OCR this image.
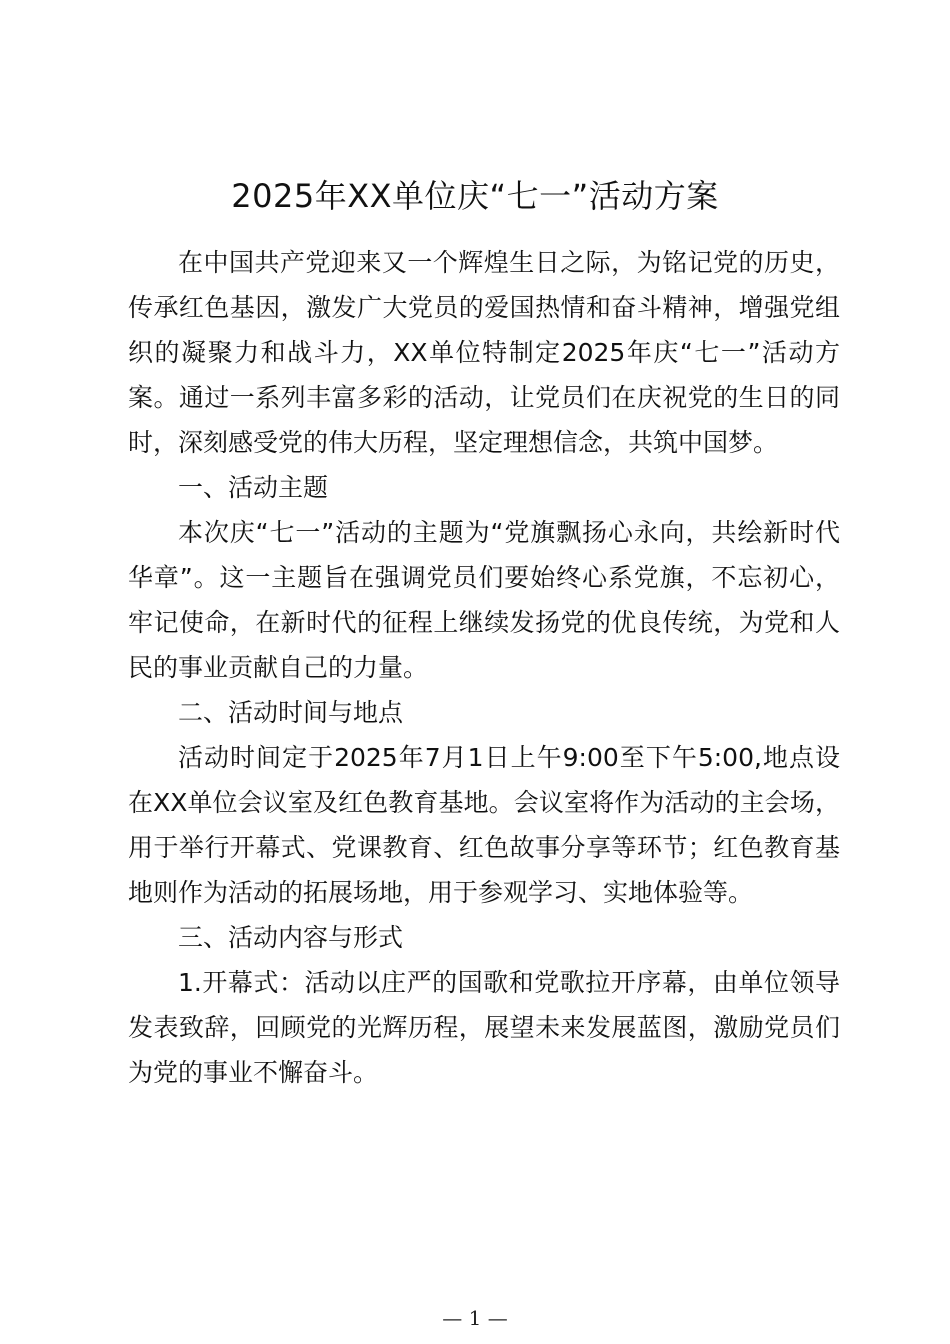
2025年XX单位庆“七一”活动方案

在中国共产党迎来又一个辉煌生日之际，为铭记党的历史，传承红色基因，激发广大党员的爱国热情和奋斗精神，增强党组织的凝聚力和战斗力，XX单位特制定2025年庆“七一”活动方案。通过一系列丰富多彩的活动，让党员们在庆祝党的生日的同时，深刻感受党的伟大历程，坚定理想信念，共筑中国梦。

一、活动主题

本次庆“七一”活动的主题为“党旗飘扬心永向，共绘新时代华章”。这一主题旨在强调党员们要始终心系党旗，不忘初心，牢记使命，在新时代的征程上继续发扬党的优良传统，为党和人民的事业贡献自己的力量。

二、活动时间与地点

活动时间定于2025年7月1日上午9:00至下午5:00,地点设在XX单位会议室及红色教育基地。会议室将作为活动的主会场，用于举行开幕式、党课教育、红色故事分享等环节；红色教育基地则作为活动的拓展场地，用于参观学习、实地体验等。

三、活动内容与形式

1.开幕式：活动以庄严的国歌和党歌拉开序幕，由单位领导发表致辞，回顾党的光辉历程，展望未来发展蓝图，激励党员们为党的事业不懈奋斗。

— 1 —
